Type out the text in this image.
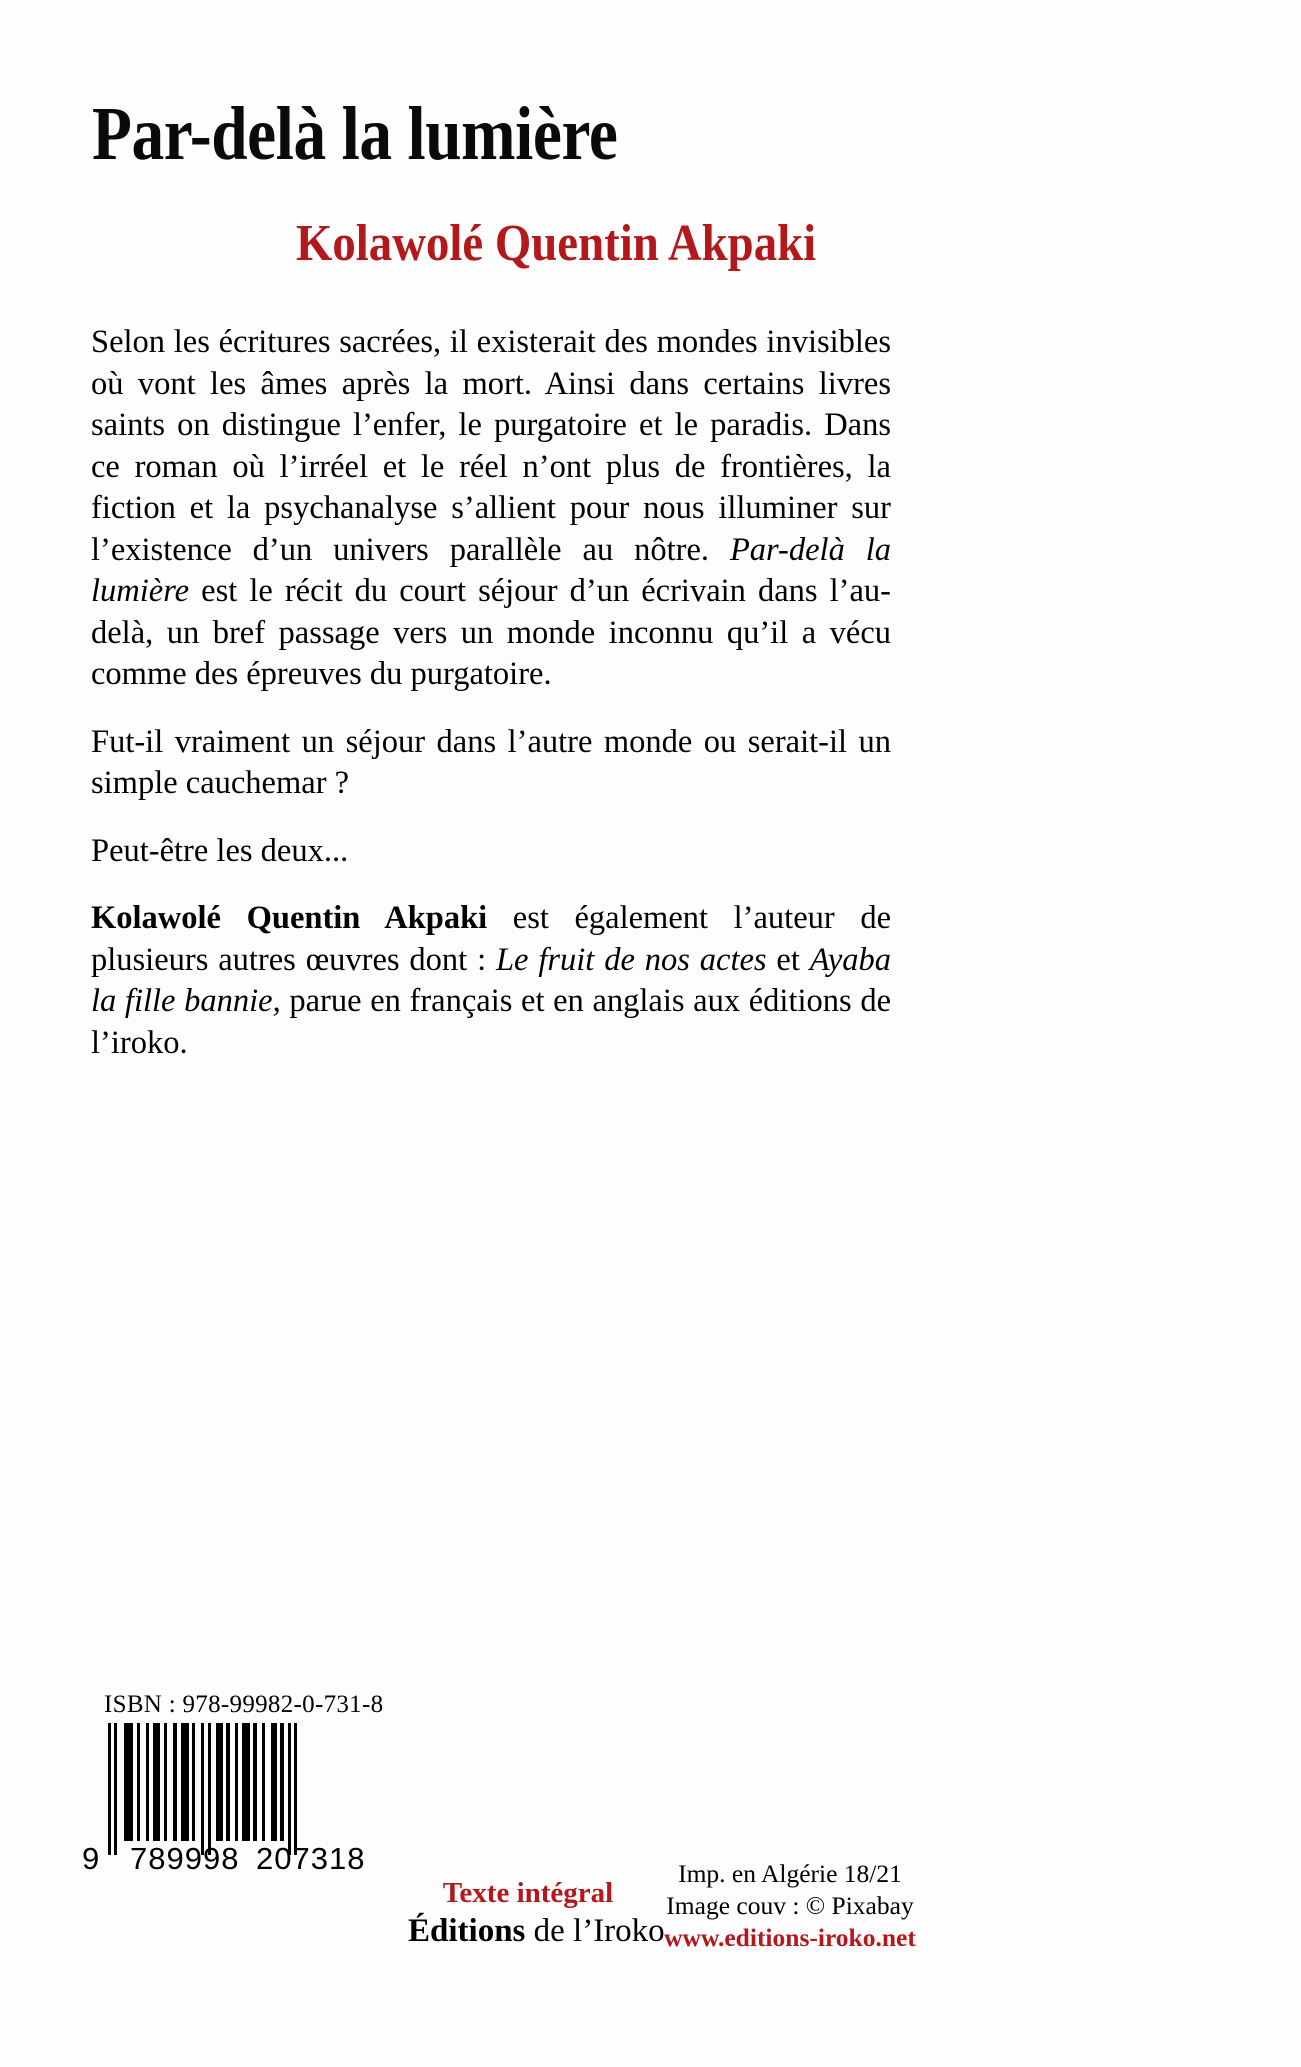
Par-delà la lumière
Kolawolé Quentin Akpaki

Selon les écritures sacrées, il existerait des mondes invisibles où vont les âmes après la mort. Ainsi dans certains livres saints on distingue l’enfer, le purgatoire et le paradis. Dans ce roman où l’irréel et le réel n’ont plus de frontières, la fiction et la psychanalyse s’allient pour nous illuminer sur l’existence d’un univers parallèle au nôtre. Par-delà la lumière est le récit du court séjour d’un écrivain dans l’au-delà, un bref passage vers un monde inconnu qu’il a vécu comme des épreuves du purgatoire.

Fut-il vraiment un séjour dans l’autre monde ou serait-il un simple cauchemar ?

Peut-être les deux...

Kolawolé Quentin Akpaki est également l’auteur de plusieurs autres œuvres dont : Le fruit de nos actes et Ayaba la fille bannie, parue en français et en anglais aux éditions de l’iroko.

ISBN : 978-99982-0-731-8
9 789998 207318
Texte intégral
Éditions de l’Iroko
Imp. en Algérie 18/21
Image couv : © Pixabay
www.editions-iroko.net
